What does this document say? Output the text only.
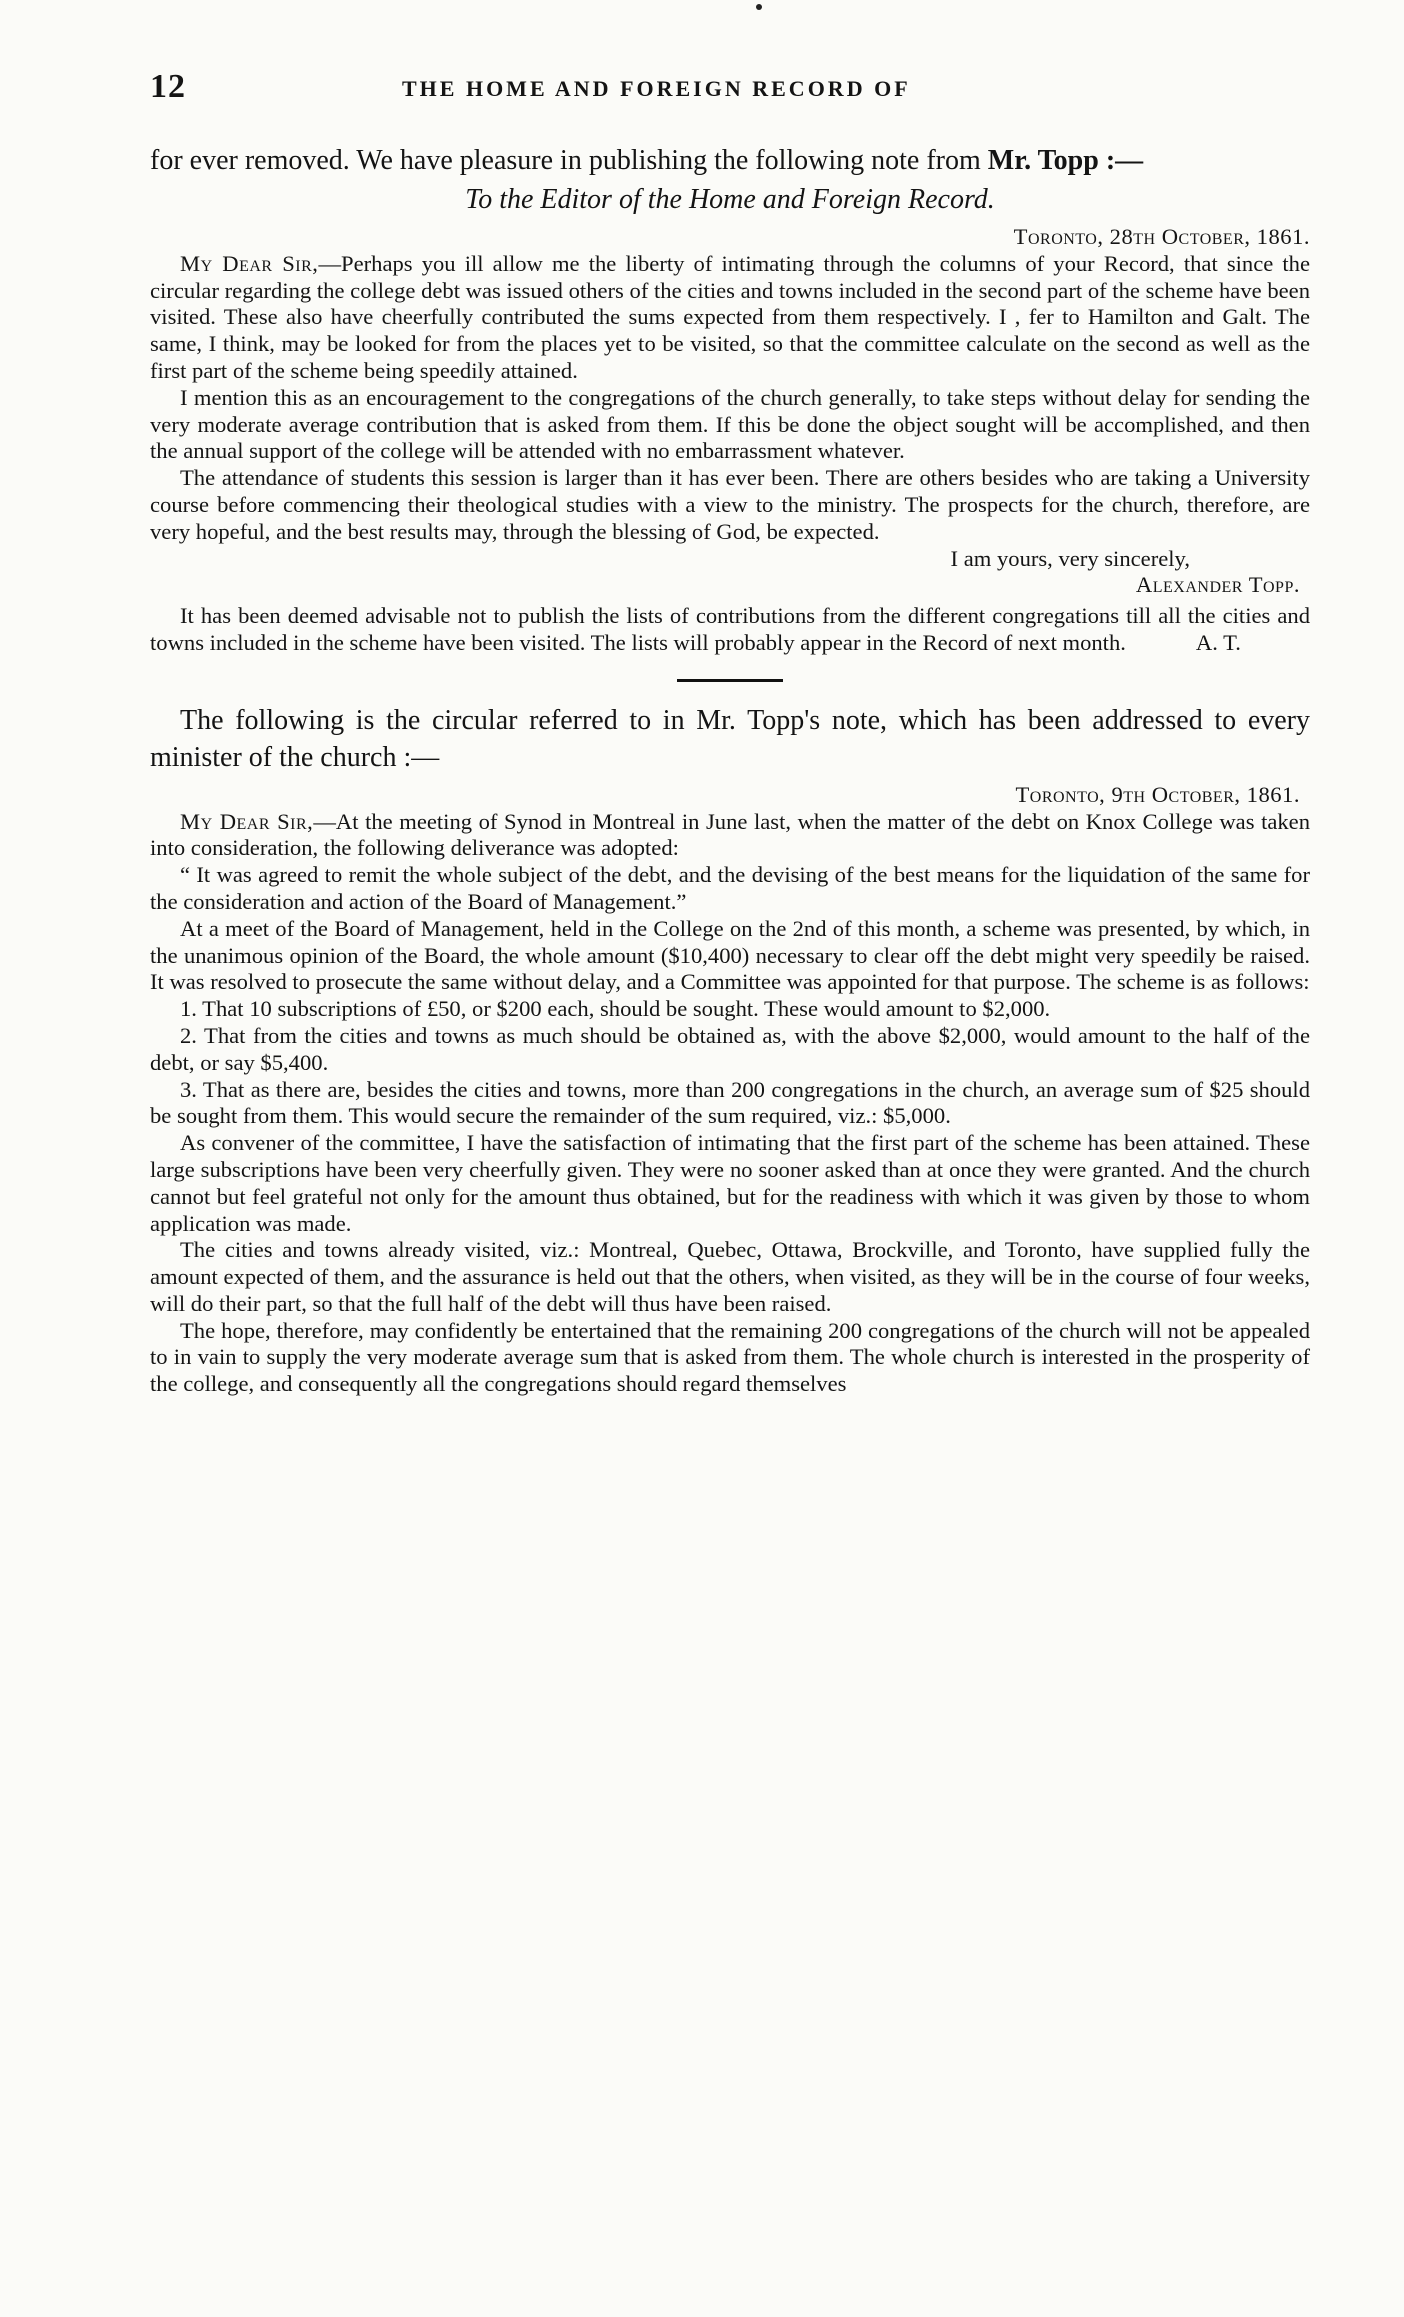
12	THE HOME AND FOREIGN RECORD OF

for ever removed. We have pleasure in publishing the following note from Mr. Topp :—

To the Editor of the Home and Foreign Record.

Toronto, 28th October, 1861.

My Dear Sir,—Perhaps you ill allow me the liberty of intimating through the columns of your Record, that since the circular regarding the college debt was issued others of the cities and towns included in the second part of the scheme have been visited. These also have cheerfully contributed the sums expected from them respectively. I , fer to Hamilton and Galt. The same, I think, may be looked for from the places yet to be visited, so that the committee calculate on the second as well as the first part of the scheme being speedily attained.

I mention this as an encouragement to the congregations of the church generally, to take steps without delay for sending the very moderate average contribution that is asked from them. If this be done the object sought will be accomplished, and then the annual support of the college will be attended with no embarrassment whatever.

The attendance of students this session is larger than it has ever been. There are others besides who are taking a University course before commencing their theological studies with a view to the ministry. The prospects for the church, therefore, are very hopeful, and the best results may, through the blessing of God, be expected.

I am yours, very sincerely,

Alexander Topp.

It has been deemed advisable not to publish the lists of contributions from the different congregations till all the cities and towns included in the scheme have been visited. The lists will probably appear in the Record of next month.	A. T.

The following is the circular referred to in Mr. Topp's note, which has been addressed to every minister of the church :—

Toronto, 9th October, 1861.

My Dear Sir,—At the meeting of Synod in Montreal in June last, when the matter of the debt on Knox College was taken into consideration, the following deliverance was adopted:

“ It was agreed to remit the whole subject of the debt, and the devising of the best means for the liquidation of the same for the consideration and action of the Board of Management.”

At a meet of the Board of Management, held in the College on the 2nd of this month, a scheme was presented, by which, in the unanimous opinion of the Board, the whole amount ($10,400) necessary to clear off the debt might very speedily be raised. It was resolved to prosecute the same without delay, and a Committee was appointed for that purpose. The scheme is as follows:

1. That 10 subscriptions of £50, or $200 each, should be sought. These would amount to $2,000.

2. That from the cities and towns as much should be obtained as, with the above $2,000, would amount to the half of the debt, or say $5,400.

3. That as there are, besides the cities and towns, more than 200 congregations in the church, an average sum of $25 should be sought from them. This would secure the remainder of the sum required, viz.: $5,000.

As convener of the committee, I have the satisfaction of intimating that the first part of the scheme has been attained. These large subscriptions have been very cheerfully given. They were no sooner asked than at once they were granted. And the church cannot but feel grateful not only for the amount thus obtained, but for the readiness with which it was given by those to whom application was made.

The cities and towns already visited, viz.: Montreal, Quebec, Ottawa, Brockville, and Toronto, have supplied fully the amount expected of them, and the assurance is held out that the others, when visited, as they will be in the course of four weeks, will do their part, so that the full half of the debt will thus have been raised.

The hope, therefore, may confidently be entertained that the remaining 200 congregations of the church will not be appealed to in vain to supply the very moderate average sum that is asked from them. The whole church is interested in the prosperity of the college, and consequently all the congregations should regard themselves
